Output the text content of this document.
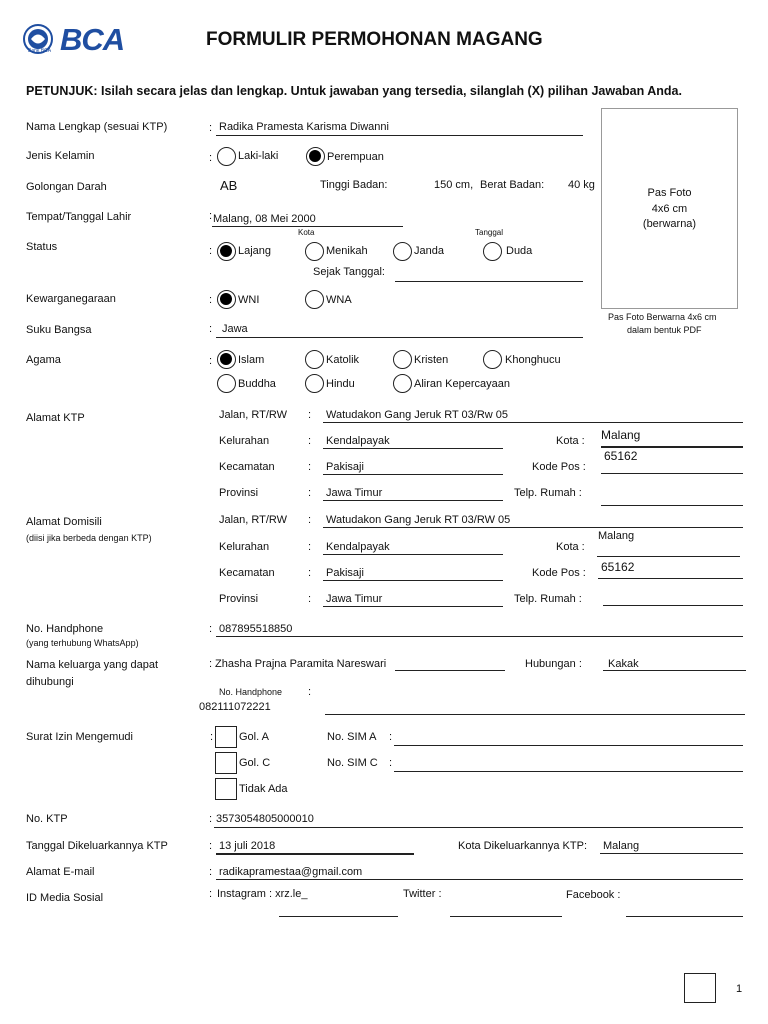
BCA
Bank BCA
FORMULIR PERMOHONAN MAGANG
PETUNJUK: Isilah secara jelas dan lengkap. Untuk jawaban yang tersedia, silanglah (X) pilihan Jawaban Anda.
Pas Foto
4x6 cm
(berwarna)
Pas Foto Berwarna 4x6 cm
dalam bentuk PDF
Nama Lengkap (sesuai KTP)	: Radika Pramesta Karisma Diwanni
Jenis Kelamin	: Laki-laki	Perempuan
Golongan Darah	AB	Tinggi Badan:	150 cm, Berat Badan: 40 kg
Tempat/Tanggal Lahir	: Malang, 08 Mei 2000
Kota	Tanggal
Status	: Lajang	Menikah	Janda	Duda
Sejak Tanggal:
Kewarganegaraan	: WNI	WNA
Suku Bangsa	: Jawa
Agama	: Islam	Katolik	Kristen	Khonghucu
Buddha	Hindu	Aliran Kepercayaan
Alamat KTP	Jalan, RT/RW : Watudakon Gang Jeruk RT 03/Rw 05
Kelurahan	: Kendalpayak	Kota : Malang
Kecamatan	: Pakisaji	Kode Pos :
65162
Provinsi	: Jawa Timur	Telp. Rumah :
Alamat Domisili
(diisi jika berbeda dengan KTP)
Jalan, RT/RW : Watudakon Gang Jeruk RT 03/RW 05
Kelurahan	: Kendalpayak	Kota :
Malang
Kecamatan	: Pakisaji	Kode Pos : 65162
Provinsi	: Jawa Timur	Telp. Rumah :
No. Handphone
(yang terhubung WhatsApp)
: 087895518850
Nama keluarga yang dapat
dihubungi
: Zhasha Prajna Paramita Nareswari	Hubungan : Kakak
No. Handphone :
082111072221
Surat Izin Mengemudi	: Gol. A	No. SIM A :
Gol. C	No. SIM C :
Tidak Ada
No. KTP	: 3573054805000010
Tanggal Dikeluarkannya KTP	: 13 juli 2018	Kota Dikeluarkannya KTP: Malang
Alamat E-mail	: radikapramestaa@gmail.com
ID Media Sosial	: Instagram : xrz.le_	Twitter :	Facebook :
1
